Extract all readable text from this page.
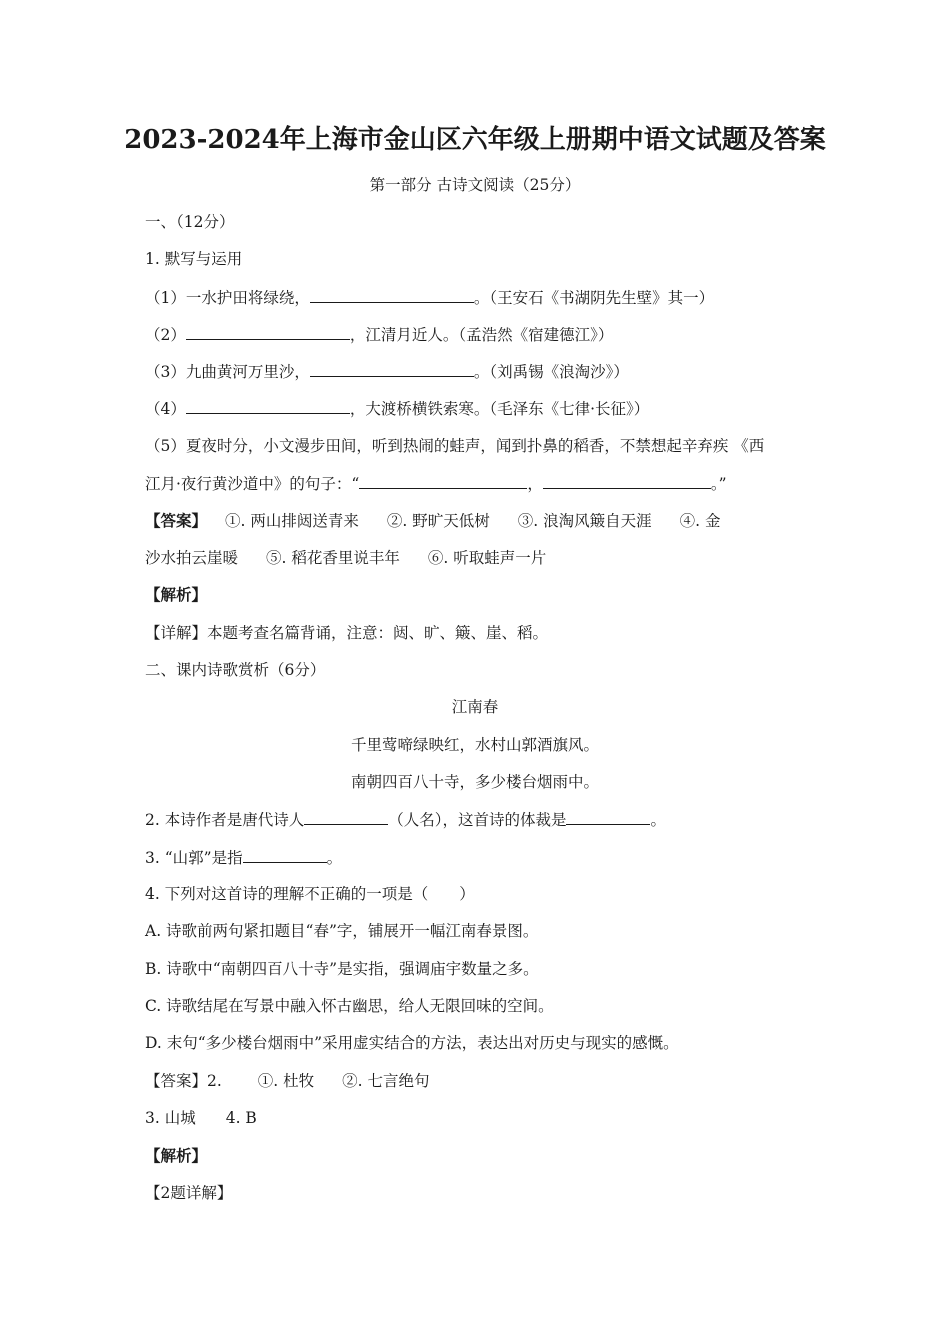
2023-2024年上海市金山区六年级上册期中语文试题及答案
第一部分 古诗文阅读（25分）
一、（12分）
1. 默写与运用
（1）一水护田将绿绕，	。（王安石《书湖阴先生壁》其一）
（2）	，江清月近人。（孟浩然《宿建德江》）
（3）九曲黄河万里沙，	。（刘禹锡《浪淘沙》）
（4）	，大渡桥横铁索寒。（毛泽东《七律·长征》）
（5）夏夜时分，小文漫步田间，听到热闹的蛙声，闻到扑鼻的稻香，不禁想起辛弃疾 《西
江月·夜行黄沙道中》的句子：“	，	。”
【答案】 ①. 两山排闼送青来 ②. 野旷天低树 ③. 浪淘风簸自天涯 ④. 金
沙水拍云崖暖 ⑤. 稻花香里说丰年 ⑥. 听取蛙声一片
【解析】
【详解】本题考查名篇背诵，注意：闼、旷、簸、崖、稻。
二、课内诗歌赏析（6分）
江南春
千里莺啼绿映红，水村山郭酒旗风。
南朝四百八十寺，多少楼台烟雨中。
2. 本诗作者是唐代诗人	（人名），这首诗的体裁是	。
3. “山郭”是指	。
4. 下列对这首诗的理解不正确的一项是（　　）
A. 诗歌前两句紧扣题目“春”字，铺展开一幅江南春景图。
B. 诗歌中“南朝四百八十寺”是实指，强调庙宇数量之多。
C. 诗歌结尾在写景中融入怀古幽思，给人无限回味的空间。
D. 末句“多少楼台烟雨中”采用虚实结合的方法，表达出对历史与现实的感慨。
【答案】2. ①. 杜牧 ②. 七言绝句
3. 山城 4. B
【解析】
【2题详解】
